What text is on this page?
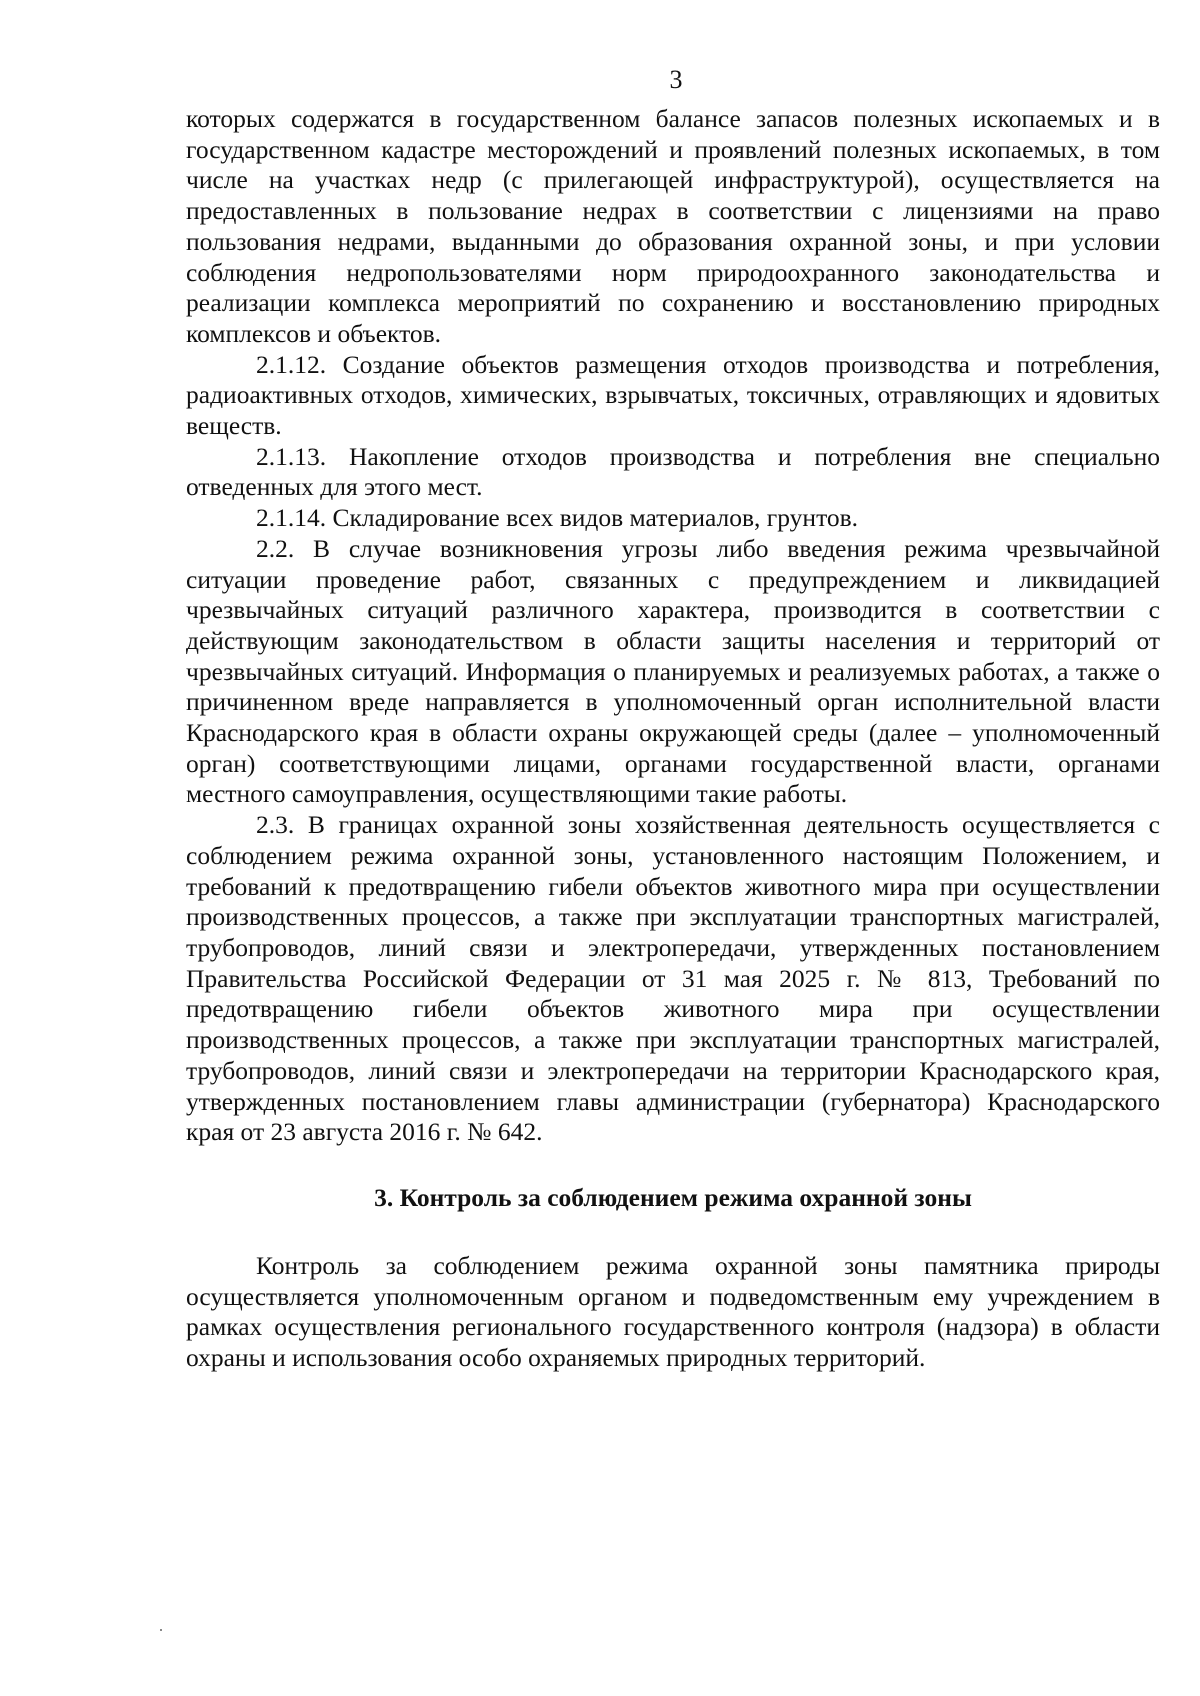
3

которых содержатся в государственном балансе запасов полезных ископаемых и в государственном кадастре месторождений и проявлений полезных ископаемых, в том числе на участках недр (с прилегающей инфраструктурой), осуществляется на предоставленных в пользование недрах в соответствии с лицензиями на право пользования недрами, выданными до образования охранной зоны, и при условии соблюдения недропользователями норм природоохранного законодательства и реализации комплекса мероприятий по сохранению и восстановлению природных комплексов и объектов.

2.1.12. Создание объектов размещения отходов производства и потребления, радиоактивных отходов, химических, взрывчатых, токсичных, отравляющих и ядовитых веществ.

2.1.13. Накопление отходов производства и потребления вне специально отведенных для этого мест.

2.1.14. Складирование всех видов материалов, грунтов.

2.2. В случае возникновения угрозы либо введения режима чрезвычайной ситуации проведение работ, связанных с предупреждением и ликвидацией чрезвычайных ситуаций различного характера, производится в соответствии с действующим законодательством в области защиты населения и территорий от чрезвычайных ситуаций. Информация о планируемых и реализуемых работах, а также о причиненном вреде направляется в уполномоченный орган исполнительной власти Краснодарского края в области охраны окружающей среды (далее – уполномоченный орган) соответствующими лицами, органами государственной власти, органами местного самоуправления, осуществляющими такие работы.

2.3. В границах охранной зоны хозяйственная деятельность осуществляется с соблюдением режима охранной зоны, установленного настоящим Положением, и требований к предотвращению гибели объектов животного мира при осуществлении производственных процессов, а также при эксплуатации транспортных магистралей, трубопроводов, линий связи и электропередачи, утвержденных постановлением Правительства Российской Федерации от 31 мая 2025 г. № 813, Требований по предотвращению гибели объектов животного мира при осуществлении производственных процессов, а также при эксплуатации транспортных магистралей, трубопроводов, линий связи и электропередачи на территории Краснодарского края, утвержденных постановлением главы администрации (губернатора) Краснодарского края от 23 августа 2016 г. № 642.

3. Контроль за соблюдением режима охранной зоны

Контроль за соблюдением режима охранной зоны памятника природы осуществляется уполномоченным органом и подведомственным ему учреждением в рамках осуществления регионального государственного контроля (надзора) в области охраны и использования особо охраняемых природных территорий.
